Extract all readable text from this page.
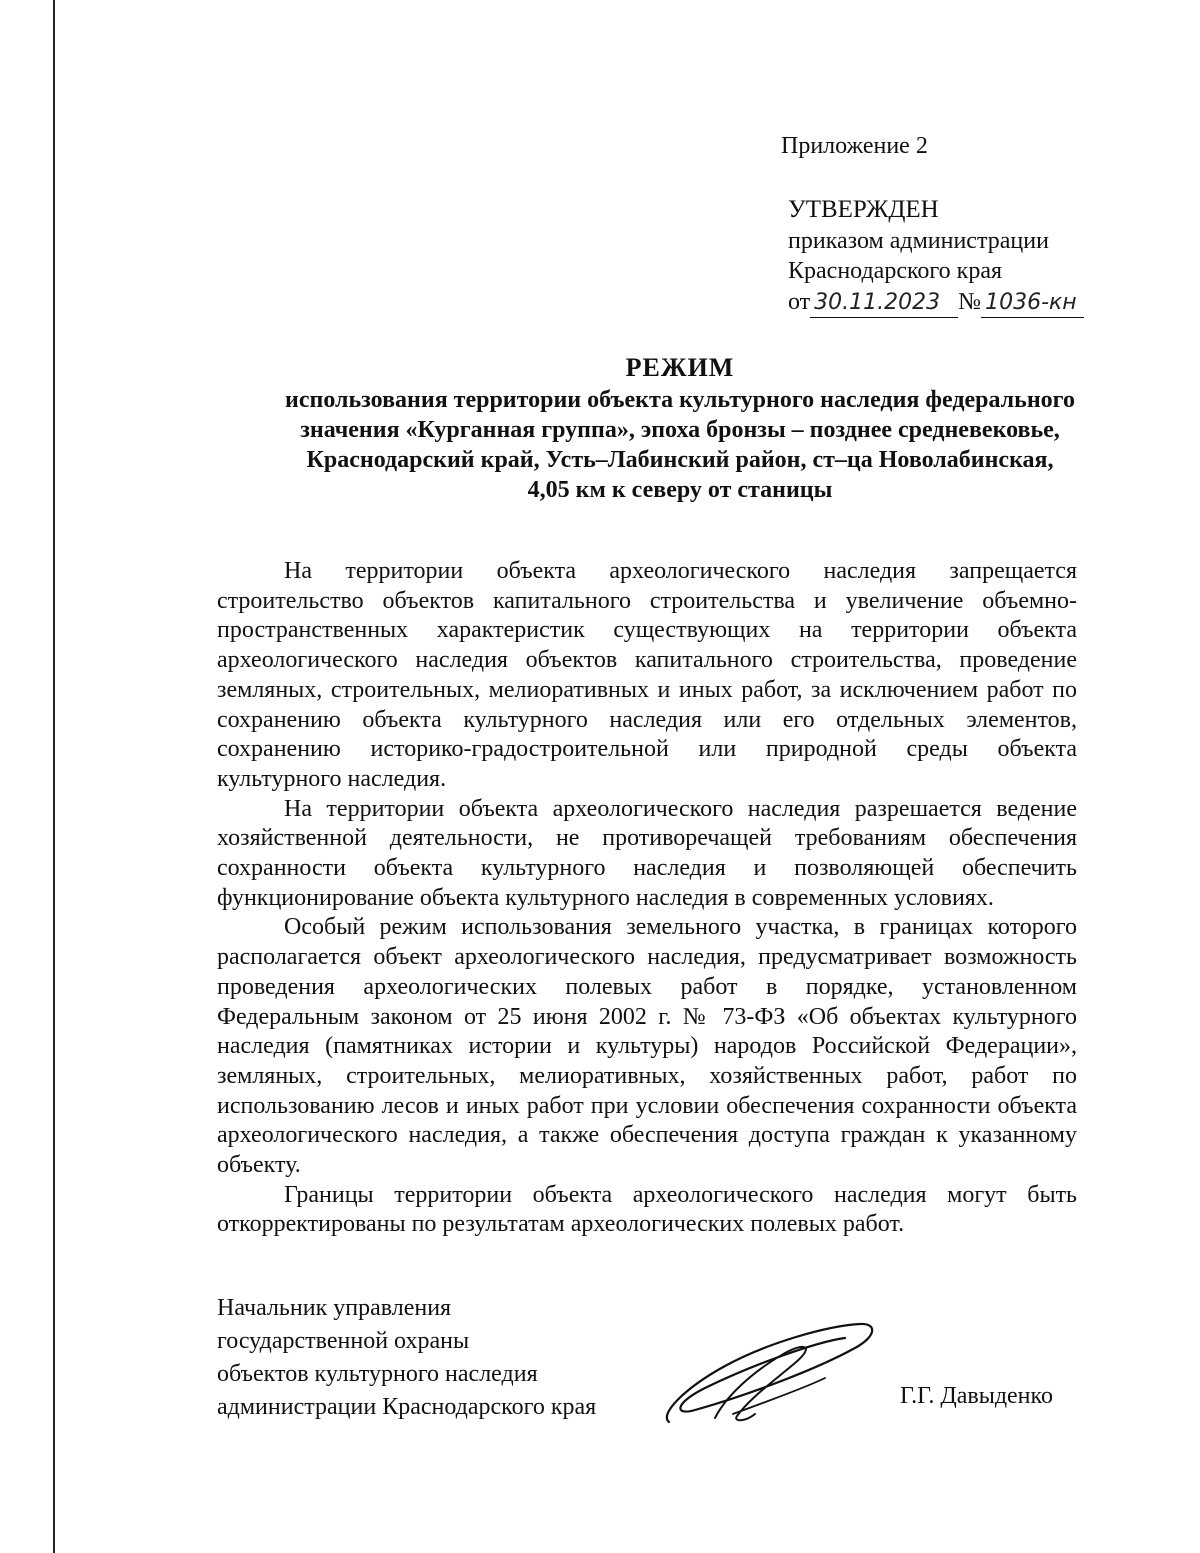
Приложение 2
УТВЕРЖДЕН
приказом администрации
Краснодарского края
от 30.11.2023 № 1036-кн
РЕЖИМ
использования территории объекта культурного наследия федерального
значения «Курганная группа», эпоха бронзы – позднее средневековье,
Краснодарский край, Усть–Лабинский район, ст–ца Новолабинская,
4,05 км к северу от станицы

На территории объекта археологического наследия запрещается строительство объектов капитального строительства и увеличение объемно-пространственных характеристик существующих на территории объекта археологического наследия объектов капитального строительства, проведение земляных, строительных, мелиоративных и иных работ, за исключением работ по сохранению объекта культурного наследия или его отдельных элементов, сохранению историко-градостроительной или природной среды объекта культурного наследия.

На территории объекта археологического наследия разрешается ведение хозяйственной деятельности, не противоречащей требованиям обеспечения сохранности объекта культурного наследия и позволяющей обеспечить функционирование объекта культурного наследия в современных условиях.

Особый режим использования земельного участка, в границах которого располагается объект археологического наследия, предусматривает возможность проведения археологических полевых работ в порядке, установленном Федеральным законом от 25 июня 2002 г. № 73-ФЗ «Об объектах культурного наследия (памятниках истории и культуры) народов Российской Федерации», земляных, строительных, мелиоративных, хозяйственных работ, работ по использованию лесов и иных работ при условии обеспечения сохранности объекта археологического наследия, а также обеспечения доступа граждан к указанному объекту.

Границы территории объекта археологического наследия могут быть откорректированы по результатам археологических полевых работ.

Начальник управления
государственной охраны
объектов культурного наследия
администрации Краснодарского края	Г.Г. Давыденко
